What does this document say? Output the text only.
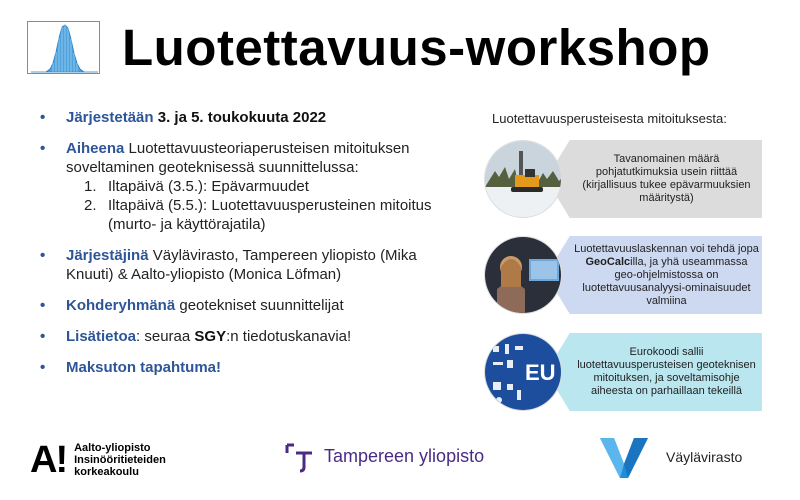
Luotettavuus-workshop
• Järjestetään 3. ja 5. toukokuuta 2022
• Aiheena Luotettavuusteoriaperusteisen mitoituksen soveltaminen geoteknisessä suunnittelussa:
1. Iltapäivä (3.5.): Epävarmuudet
2. Iltapäivä (5.5.): Luotettavuusperusteinen mitoitus (murto- ja käyttörajatila)
• Järjestäjinä Väylävirasto, Tampereen yliopisto (Mika Knuuti) & Aalto-yliopisto (Monica Löfman)
• Kohderyhmänä geotekniset suunnittelijat
• Lisätietoa: seuraa SGY:n tiedotuskanavia!
• Maksuton tapahtuma!
Luotettavuusperusteisesta mitoituksesta:
Tavanomainen määrä pohjatutkimuksia usein riittää (kirjallisuus tukee epävarmuuksien määritystä)
Luotettavuuslaskennan voi tehdä jopa GeoCalcilla, ja yhä useammassa geo-ohjelmistossa on luotettavuusanalyysi-ominaisuudet valmiina
EU
Eurokoodi sallii luotettavuusperusteisen geoteknisen mitoituksen, ja soveltamisohje aiheesta on parhaillaan tekeillä
A! Aalto-yliopisto
Insinööritieteiden
korkeakoulu
Tampereen yliopisto	Väylävirasto
